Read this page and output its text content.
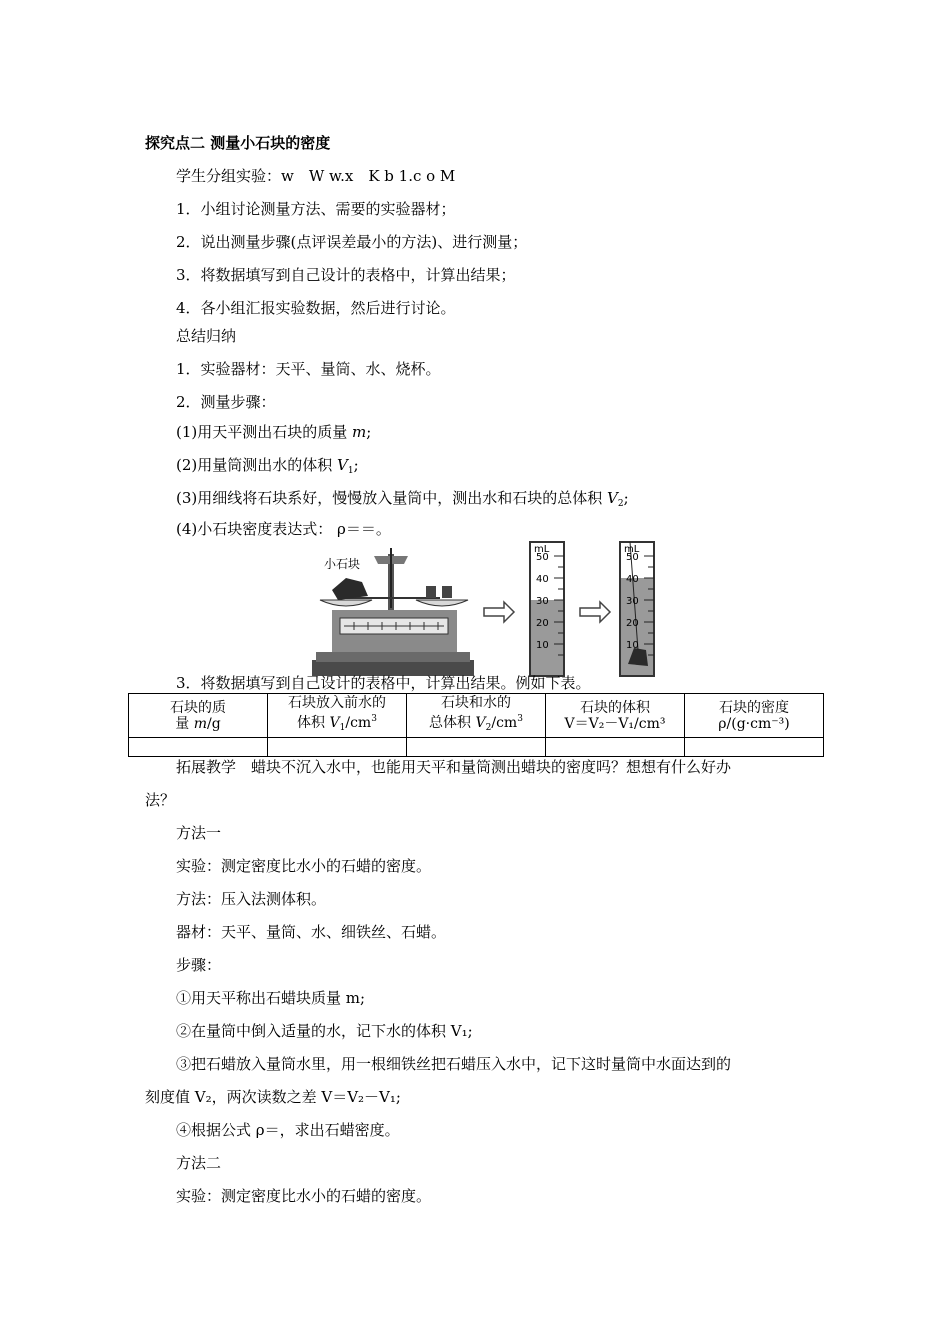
探究点二 测量小石块的密度
学生分组实验：w　W w.x　K b 1.c o M
1．小组讨论测量方法、需要的实验器材；
2．说出测量步骤(点评误差最小的方法)、进行测量；
3．将数据填写到自己设计的表格中，计算出结果；
4．各小组汇报实验数据，然后进行讨论。
总结归纳
1．实验器材：天平、量筒、水、烧杯。
2．测量步骤：
(1)用天平测出石块的质量 m;
(2)用量筒测出水的体积 $V_1$;
(3)用细线将石块系好，慢慢放入量筒中，测出水和石块的总体积 $V_2$;
(4)小石块密度表达式： ρ＝＝。
小石块	50
40
30
20
10
mL
50
40
30
20
10
mL
3．将数据填写到自己设计的表格中，计算出结果。例如下表。
石块的质
量 m/g	石块放入前水的
体积 $V_1/cm^3$	石块和水的
总体积 $V_2/cm^3$	石块的体积
V＝V₂－V₁/cm³	石块的密度
ρ/(g·cm⁻³)

拓展教学　蜡块不沉入水中，也能用天平和量筒测出蜡块的密度吗？想想有什么好办
法？
方法一
实验：测定密度比水小的石蜡的密度。
方法：压入法测体积。
器材：天平、量筒、水、细铁丝、石蜡。
步骤：
①用天平称出石蜡块质量 m;
②在量筒中倒入适量的水，记下水的体积 V₁;
③把石蜡放入量筒水里，用一根细铁丝把石蜡压入水中，记下这时量筒中水面达到的
刻度值 V₂，两次读数之差 V＝V₂－V₁;
④根据公式 ρ＝，求出石蜡密度。
方法二
实验：测定密度比水小的石蜡的密度。
